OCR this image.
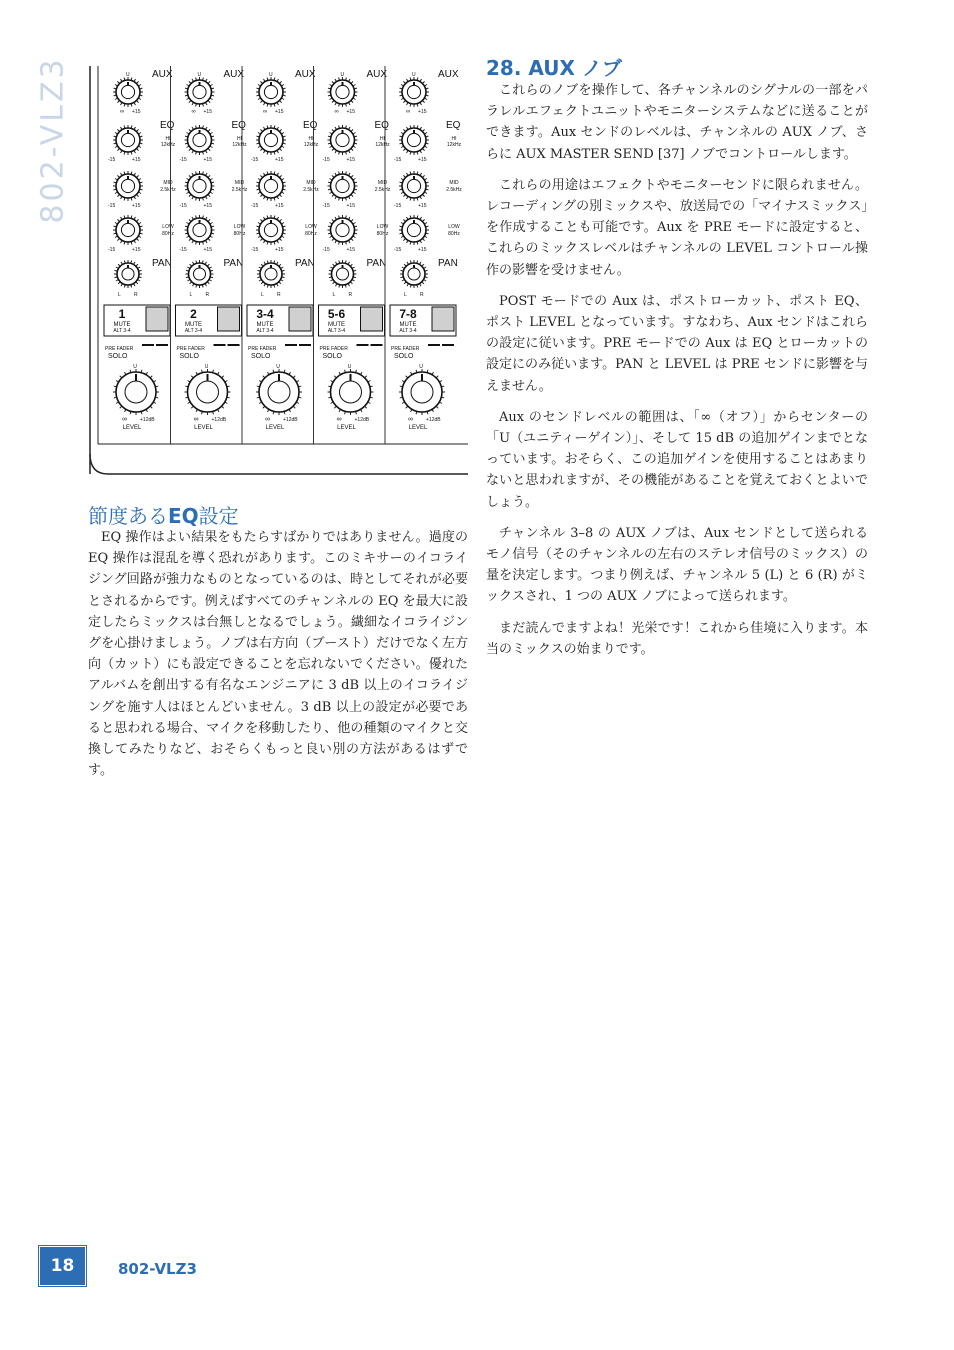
802-VLZ3	AUX
U
∞ +15
EQ
HI
12kHz
-15	+15
MID
2.5kHz
-15	+15
LOW
80Hz
-15	+15
PAN
L	R
1
MUTE
ALT 3-4
PRE FADER
SOLO
U
∞	+12dB
LEVEL
AUX
U
∞ +15
EQ
HI
12kHz
-15	+15
MID
2.5kHz
-15	+15
LOW
80Hz
-15	+15
PAN
L	R
2
MUTE
ALT 3-4
PRE FADER
SOLO
U
∞	+12dB
LEVEL
AUX
U
∞ +15
EQ
HI
12kHz
-15	+15
MID
2.5kHz
-15	+15
LOW
80Hz
-15	+15
PAN
L	R
3-4
MUTE
ALT 3-4
PRE FADER
SOLO
U
∞	+12dB
LEVEL
AUX
U
∞ +15
EQ
HI
12kHz
-15	+15
MID
2.5kHz
-15	+15
LOW
80Hz
-15	+15
PAN
L	R
5-6
MUTE
ALT 3-4
PRE FADER
SOLO
U
∞	+12dB
LEVEL
AUX
U
∞ +15
EQ
HI
12kHz
-15	+15
MID
2.5kHz
-15	+15
LOW
80Hz
-15	+15
PAN
L	R
7-8
MUTE
ALT 3-4
PRE FADER
SOLO
U
∞	+12dB
LEVEL
節度あるEQ設定

EQ 操作はよい結果をもたらすばかりではありません。過度の EQ 操作は混乱を導く恐れがあります。このミキサーのイコライジング回路が強力なものとなっているのは、時としてそれが必要とされるからです。例えばすべてのチャンネルの EQ を最大に設定したらミックスは台無しとなるでしょう。繊細なイコライジングを心掛けましょう。ノブは右方向（ブースト）だけでなく左方向（カット）にも設定できることを忘れないでください。優れたアルバムを創出する有名なエンジニアに 3 dB 以上のイコライジングを施す人はほとんどいません。3 dB 以上の設定が必要であると思われる場合、マイクを移動したり、他の種類のマイクと交換してみたりなど、おそらくもっと良い別の方法があるはずです。

28. AUX ノブ

これらのノブを操作して、各チャンネルのシグナルの一部をパラレルエフェクトユニットやモニターシステムなどに送ることができます。Aux センドのレベルは、チャンネルの AUX ノブ、さらに AUX MASTER SEND [37] ノブでコントロールします。

これらの用途はエフェクトやモニターセンドに限られません。レコーディングの別ミックスや、放送局での「マイナスミックス」を作成することも可能です。Aux を PRE モードに設定すると、これらのミックスレベルはチャンネルの LEVEL コントロール操作の影響を受けません。

POST モードでの Aux は、ポストローカット、ポスト EQ、ポスト LEVEL となっています。すなわち、Aux センドはこれらの設定に従います。PRE モードでの Aux は EQ とローカットの設定にのみ従います。PAN と LEVEL は PRE センドに影響を与えません。

Aux のセンドレベルの範囲は、「∞（オフ）」からセンターの「U（ユニティーゲイン）」、そして 15 dB の追加ゲインまでとなっています。おそらく、この追加ゲインを使用することはあまりないと思われますが、その機能があることを覚えておくとよいでしょう。

チャンネル 3–8 の AUX ノブは、Aux センドとして送られるモノ信号（そのチャンネルの左右のステレオ信号のミックス）の量を決定します。つまり例えば、チャンネル 5 (L) と 6 (R) がミックスされ、1 つの AUX ノブによって送られます。

まだ読んでますよね！光栄です！これから佳境に入ります。本当のミックスの始まりです。

18	802-VLZ3
